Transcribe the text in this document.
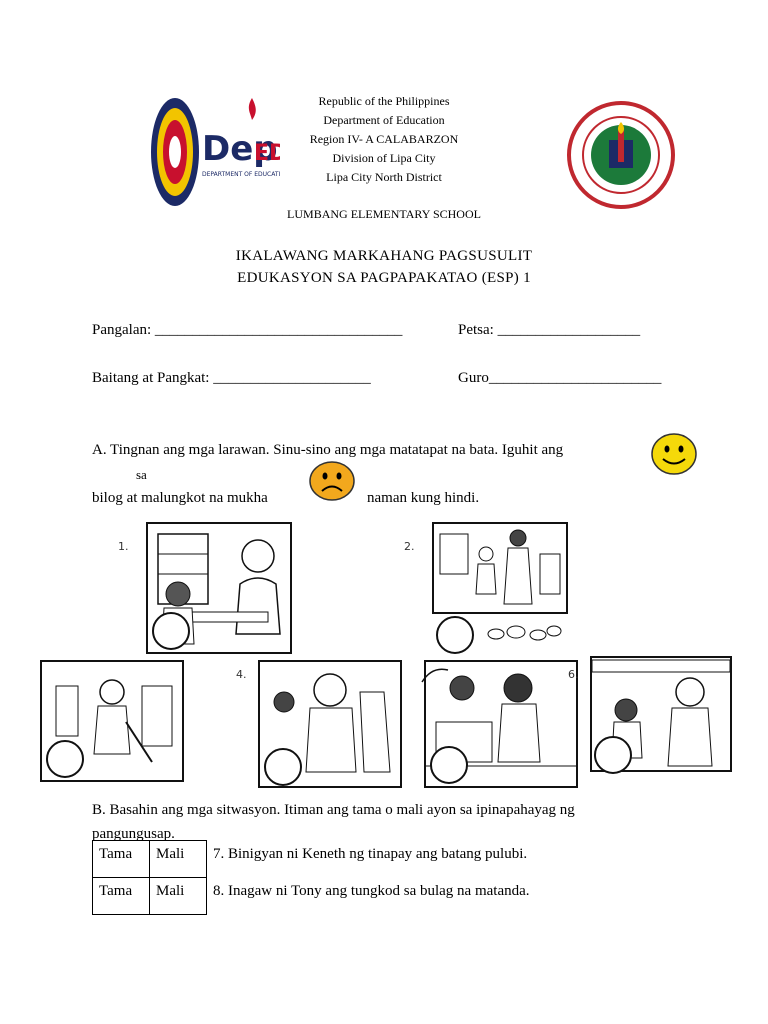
Dep
ED
DEPARTMENT OF EDUCAT
Republic of the Philippines
Department of Education
Region IV- A CALABARZON
Division of Lipa City
Lipa City North District
LUMBANG ELEMENTARY SCHOOL
IKALAWANG MARKAHANG PAGSUSULIT
EDUKASYON SA PAGPAPAKATAO (ESP) 1
Pangalan: _________________________________	Petsa: ___________________
Baitang at Pangkat: _____________________	Guro_______________________
A. Tingnan ang mga larawan. Sinu-sino ang mga matatapat na bata. Iguhit ang
sa
bilog at malungkot na mukha	naman kung hindi.
1.	2.
4.	6.
B. Basahin ang mga sitwasyon. Itiman ang tama o mali ayon sa ipinapahayag ng
pangungusap.
Tama	Mali	7. Binigyan ni Keneth ng tinapay ang batang pulubi.
Tama	Mali	8. Inagaw ni Tony ang tungkod sa bulag na matanda.
